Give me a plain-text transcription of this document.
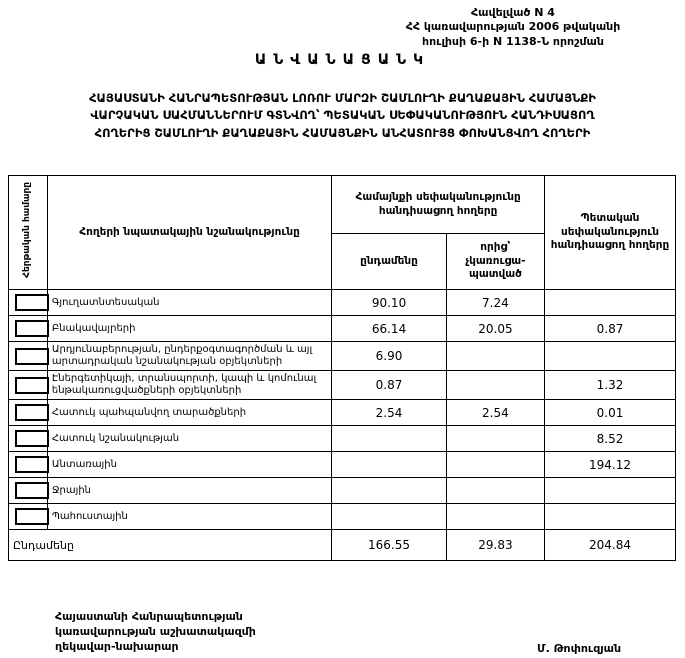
Հավելված N 4
ՀՀ կառավարության 2006 թվականի
հուլիսի 6-ի N 1138-Ն որոշման
ԱՆՎԱՆԱՑԱՆԿ
ՀԱՅԱՍՏԱՆԻ ՀԱՆՐԱՊԵՏՈՒԹՅԱՆ ԼՈՌՈՒ ՄԱՐԶԻ ՇԱՄԼՈՒՂԻ ՔԱՂԱՔԱՅԻՆ ՀԱՄԱՅՆՔԻ
ՎԱՐՉԱԿԱՆ ՍԱՀՄԱՆՆԵՐՈՒՄ ԳՏՆՎՈՂ՝ ՊԵՏԱԿԱՆ ՍԵՓԱԿԱՆՈՒԹՅՈՒՆ ՀԱՆԴԻՍԱՑՈՂ
ՀՈՂԵՐԻՑ ՇԱՄԼՈՒՂԻ ՔԱՂԱՔԱՅԻՆ ՀԱՄԱՅՆՔԻՆ ԱՆՀԱՏՈՒՅՑ ՓՈԽԱՆՑՎՈՂ ՀՈՂԵՐԻ
Հերթական համարը	Հողերի նպատակային նշանակությունը	Համայնքի սեփականությունը հանդիսացող հողերը		Պետական սեփականություն հանդիսացող հողերը
		ընդամենը	որից՝ չկառուցա-պատված	

	Գյուղատնտեսական	90.10	7.24	

	Բնակավայրերի	66.14	20.05	0.87

	Արդյունաբերության, ընդերքօգտագործման և այլ արտադրական նշանակության օբյեկտների	6.90		

	Էներգետիկայի, տրանսպորտի, կապի և կոմունալ ենթակառուցվածքների օբյեկտների	0.87		1.32

	Հատուկ պահպանվող տարածքների	2.54	2.54	0.01

	Հատուկ նշանակության			8.52

	Անտառային			194.12

	Ջրային			

	Պահուստային			
Ընդամենը		166.55	29.83	204.84
Հայաստանի Հանրապետության
կառավարության աշխատակազմի
ղեկավար-նախարար	Մ. Թոփուզյան
